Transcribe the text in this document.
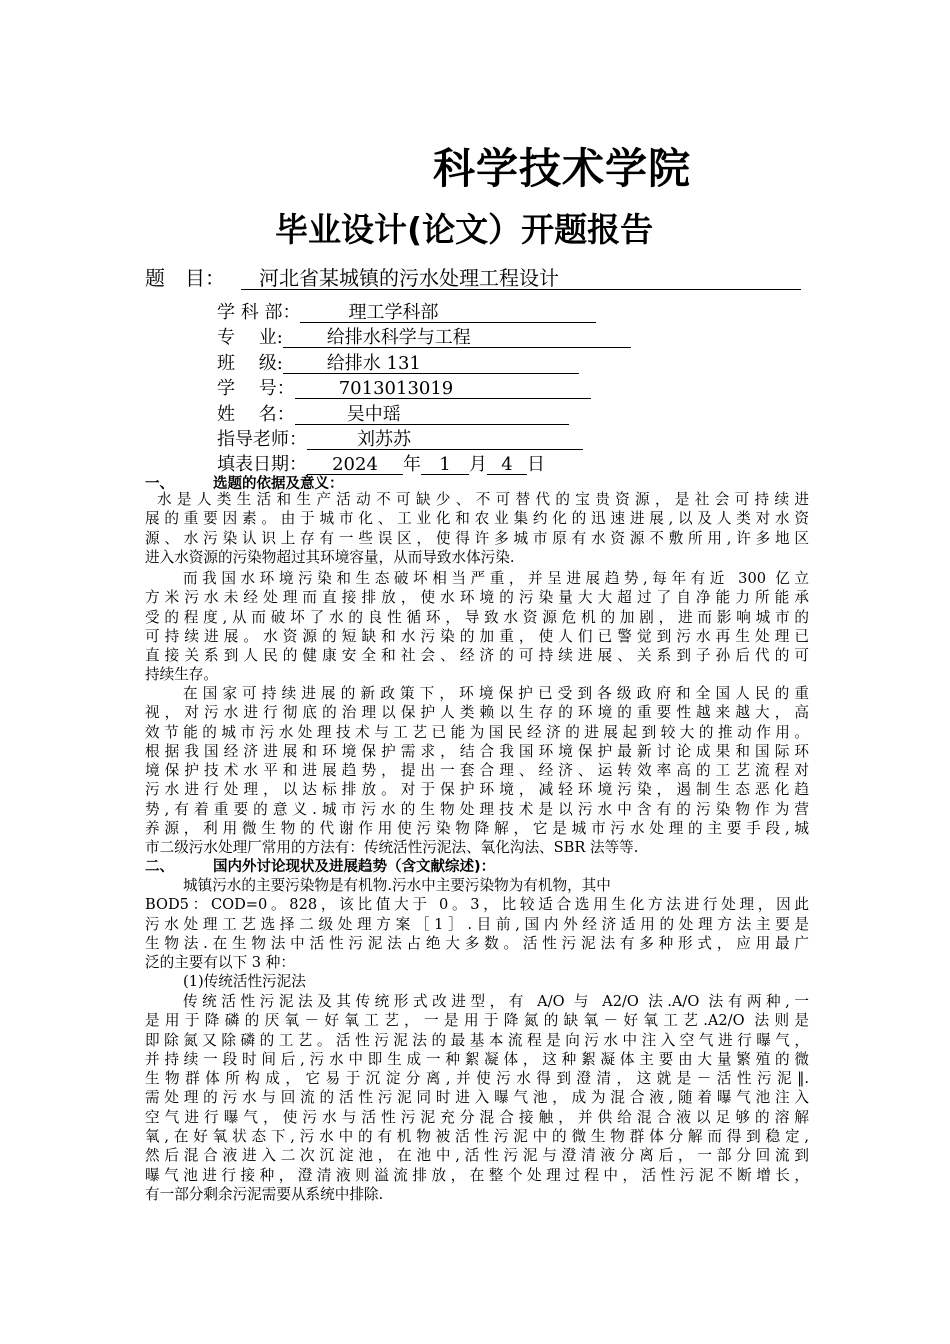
科学技术学院
毕业设计(论文）开题报告
题　目： 河北省某城镇的污水处理工程设计
学 科 部：	理工学科部
专　 业: 给排水科学与工程
班　 级: 给排水 131
学　 号： 7013013019
姓　 名：	吴中瑶
指导老师：	刘苏苏
填表日期： 2024 年 1 月 4 日
一、	选题的依据及意义：
水是人类生活和生产活动不可缺少、不可替代的宝贵资源，是社会可持续进
展的重要因素。由于城市化、工业化和农业集约化的迅速进展,以及人类对水资
源、水污染认识上存有一些误区，使得许多城市原有水资源不敷所用,许多地区
进入水资源的污染物超过其环境容量，从而导致水体污染.
而我国水环境污染和生态破坏相当严重，并呈进展趋势,每年有近 300 亿立
方米污水未经处理而直接排放，使水环境的污染量大大超过了自净能力所能承
受的程度,从而破坏了水的良性循环，导致水资源危机的加剧，进而影响城市的
可持续进展。水资源的短缺和水污染的加重，使人们已警觉到污水再生处理已
直接关系到人民的健康安全和社会、经济的可持续进展、关系到子孙后代的可
持续生存。
在国家可持续进展的新政策下，环境保护已受到各级政府和全国人民的重
视，对污水进行彻底的治理以保护人类赖以生存的环境的重要性越来越大，高
效节能的城市污水处理技术与工艺已能为国民经济的进展起到较大的推动作用。
根据我国经济进展和环境保护需求，结合我国环境保护最新讨论成果和国际环
境保护技术水平和进展趋势，提出一套合理、经济、运转效率高的工艺流程对
污水进行处理，以达标排放。对于保护环境，减轻环境污染，遏制生态恶化趋
势,有着重要的意义.城市污水的生物处理技术是以污水中含有的污染物作为营
养源，利用微生物的代谢作用使污染物降解，它是城市污水处理的主要手段,城
市二级污水处理厂常用的方法有：传统活性污泥法、氧化沟法、SBR 法等等.
二、	国内外讨论现状及进展趋势（含文献综述)：
城镇污水的主要污染物是有机物.污水中主要污染物为有机物，其中
BOD5：COD=0。828，该比值大于 0。3，比较适合选用生化方法进行处理，因此
污水处理工艺选择二级处理方案［1］.目前,国内外经济适用的处理方法主要是
生物法.在生物法中活性污泥法占绝大多数。活性污泥法有多种形式，应用最广
泛的主要有以下 3 种：
(1)传统活性污泥法
传统活性污泥法及其传统形式改进型，有 A/O 与 A2/O 法.A/O 法有两种,一
是用于降磷的厌氧－好氧工艺，一是用于降氮的缺氧－好氧工艺.A2/O 法则是
即除氮又除磷的工艺。活性污泥法的最基本流程是向污水中注入空气进行曝气，
并持续一段时间后,污水中即生成一种絮凝体，这种絮凝体主要由大量繁殖的微
生物群体所构成，它易于沉淀分离,并使污水得到澄清，这就是－活性污泥‖.
需处理的污水与回流的活性污泥同时进入曝气池，成为混合液,随着曝气池注入
空气进行曝气，使污水与活性污泥充分混合接触，并供给混合液以足够的溶解
氧,在好氧状态下,污水中的有机物被活性污泥中的微生物群体分解而得到稳定,
然后混合液进入二次沉淀池，在池中,活性污泥与澄清液分离后，一部分回流到
曝气池进行接种，澄清液则溢流排放，在整个处理过程中，活性污泥不断增长，
有一部分剩余污泥需要从系统中排除.
